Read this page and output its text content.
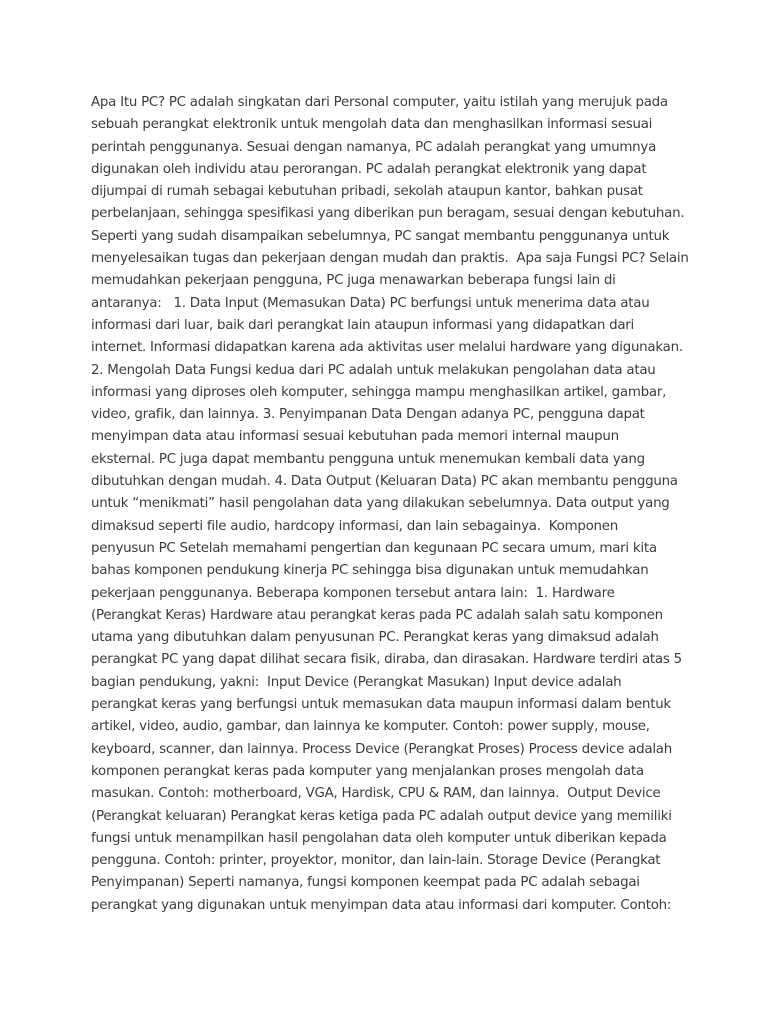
Apa Itu PC? PC adalah singkatan dari Personal computer, yaitu istilah yang merujuk pada
sebuah perangkat elektronik untuk mengolah data dan menghasilkan informasi sesuai
perintah penggunanya. Sesuai dengan namanya, PC adalah perangkat yang umumnya
digunakan oleh individu atau perorangan. PC adalah perangkat elektronik yang dapat
dijumpai di rumah sebagai kebutuhan pribadi, sekolah ataupun kantor, bahkan pusat
perbelanjaan, sehingga spesifikasi yang diberikan pun beragam, sesuai dengan kebutuhan.
Seperti yang sudah disampaikan sebelumnya, PC sangat membantu penggunanya untuk
menyelesaikan tugas dan pekerjaan dengan mudah dan praktis.  Apa saja Fungsi PC? Selain
memudahkan pekerjaan pengguna, PC juga menawarkan beberapa fungsi lain di
antaranya:   1. Data Input (Memasukan Data) PC berfungsi untuk menerima data atau
informasi dari luar, baik dari perangkat lain ataupun informasi yang didapatkan dari
internet. Informasi didapatkan karena ada aktivitas user melalui hardware yang digunakan.
2. Mengolah Data Fungsi kedua dari PC adalah untuk melakukan pengolahan data atau
informasi yang diproses oleh komputer, sehingga mampu menghasilkan artikel, gambar,
video, grafik, dan lainnya. 3. Penyimpanan Data Dengan adanya PC, pengguna dapat
menyimpan data atau informasi sesuai kebutuhan pada memori internal maupun
eksternal. PC juga dapat membantu pengguna untuk menemukan kembali data yang
dibutuhkan dengan mudah. 4. Data Output (Keluaran Data) PC akan membantu pengguna
untuk “menikmati” hasil pengolahan data yang dilakukan sebelumnya. Data output yang
dimaksud seperti file audio, hardcopy informasi, dan lain sebagainya.  Komponen
penyusun PC Setelah memahami pengertian dan kegunaan PC secara umum, mari kita
bahas komponen pendukung kinerja PC sehingga bisa digunakan untuk memudahkan
pekerjaan penggunanya. Beberapa komponen tersebut antara lain:  1. Hardware
(Perangkat Keras) Hardware atau perangkat keras pada PC adalah salah satu komponen
utama yang dibutuhkan dalam penyusunan PC. Perangkat keras yang dimaksud adalah
perangkat PC yang dapat dilihat secara fisik, diraba, dan dirasakan. Hardware terdiri atas 5
bagian pendukung, yakni:  Input Device (Perangkat Masukan) Input device adalah
perangkat keras yang berfungsi untuk memasukan data maupun informasi dalam bentuk
artikel, video, audio, gambar, dan lainnya ke komputer. Contoh: power supply, mouse,
keyboard, scanner, dan lainnya. Process Device (Perangkat Proses) Process device adalah
komponen perangkat keras pada komputer yang menjalankan proses mengolah data
masukan. Contoh: motherboard, VGA, Hardisk, CPU & RAM, dan lainnya.  Output Device
(Perangkat keluaran) Perangkat keras ketiga pada PC adalah output device yang memiliki
fungsi untuk menampilkan hasil pengolahan data oleh komputer untuk diberikan kepada
pengguna. Contoh: printer, proyektor, monitor, dan lain-lain. Storage Device (Perangkat
Penyimpanan) Seperti namanya, fungsi komponen keempat pada PC adalah sebagai
perangkat yang digunakan untuk menyimpan data atau informasi dari komputer. Contoh:
